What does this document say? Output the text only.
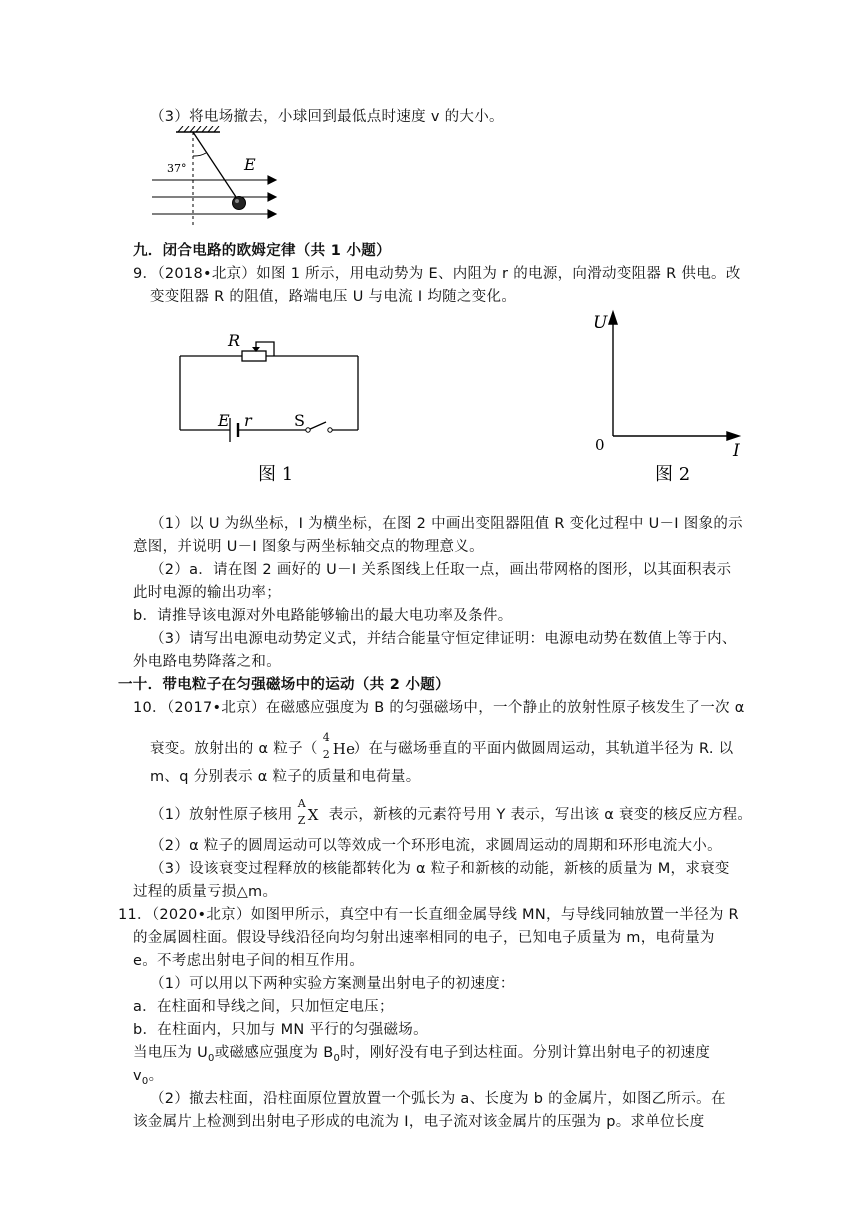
（3）将电场撤去，小球回到最低点时速度 v 的大小。
E
37°
九．闭合电路的欧姆定律（共 1 小题）
9．（2018•北京）如图 1 所示，用电动势为 E、内阻为 r 的电源，向滑动变阻器 R 供电。改
变变阻器 R 的阻值，路端电压 U 与电流 I 均随之变化。
R
E r	S
图 1
U
I
0
图 2
（1）以 U 为纵坐标，I 为横坐标，在图 2 中画出变阻器阻值 R 变化过程中 U－I 图象的示
意图，并说明 U－I 图象与两坐标轴交点的物理意义。
（2）a．请在图 2 画好的 U－I 关系图线上任取一点，画出带网格的图形，以其面积表示
此时电源的输出功率；
b．请推导该电源对外电路能够输出的最大电功率及条件。
（3）请写出电源电动势定义式，并结合能量守恒定律证明：电源电动势在数值上等于内、
外电路电势降落之和。
一十．带电粒子在匀强磁场中的运动（共 2 小题）
10．（2017•北京）在磁感应强度为 B 的匀强磁场中，一个静止的放射性原子核发生了一次 α
衰变。放射出的 α 粒子（
4
2 He
）在与磁场垂直的平面内做圆周运动，其轨道半径为 R. 以
m、q 分别表示 α 粒子的质量和电荷量。
（1）放射性原子核用
A
Z X 表示，新核的元素符号用 Y 表示，写出该 α 衰变的核反应方程。
（2）α 粒子的圆周运动可以等效成一个环形电流，求圆周运动的周期和环形电流大小。
（3）设该衰变过程释放的核能都转化为 α 粒子和新核的动能，新核的质量为 M，求衰变
过程的质量亏损△m。
11．（2020•北京）如图甲所示，真空中有一长直细金属导线 MN，与导线同轴放置一半径为 R
的金属圆柱面。假设导线沿径向均匀射出速率相同的电子，已知电子质量为 m，电荷量为
e。不考虑出射电子间的相互作用。
（1）可以用以下两种实验方案测量出射电子的初速度：
a．在柱面和导线之间，只加恒定电压；
b．在柱面内，只加与 MN 平行的匀强磁场。
当电压为 $U_0$或磁感应强度为 $B_0$时，刚好没有电子到达柱面。分别计算出射电子的初速度
$v_0$。
（2）撤去柱面，沿柱面原位置放置一个弧长为 a、长度为 b 的金属片，如图乙所示。在
该金属片上检测到出射电子形成的电流为 I，电子流对该金属片的压强为 p。求单位长度
